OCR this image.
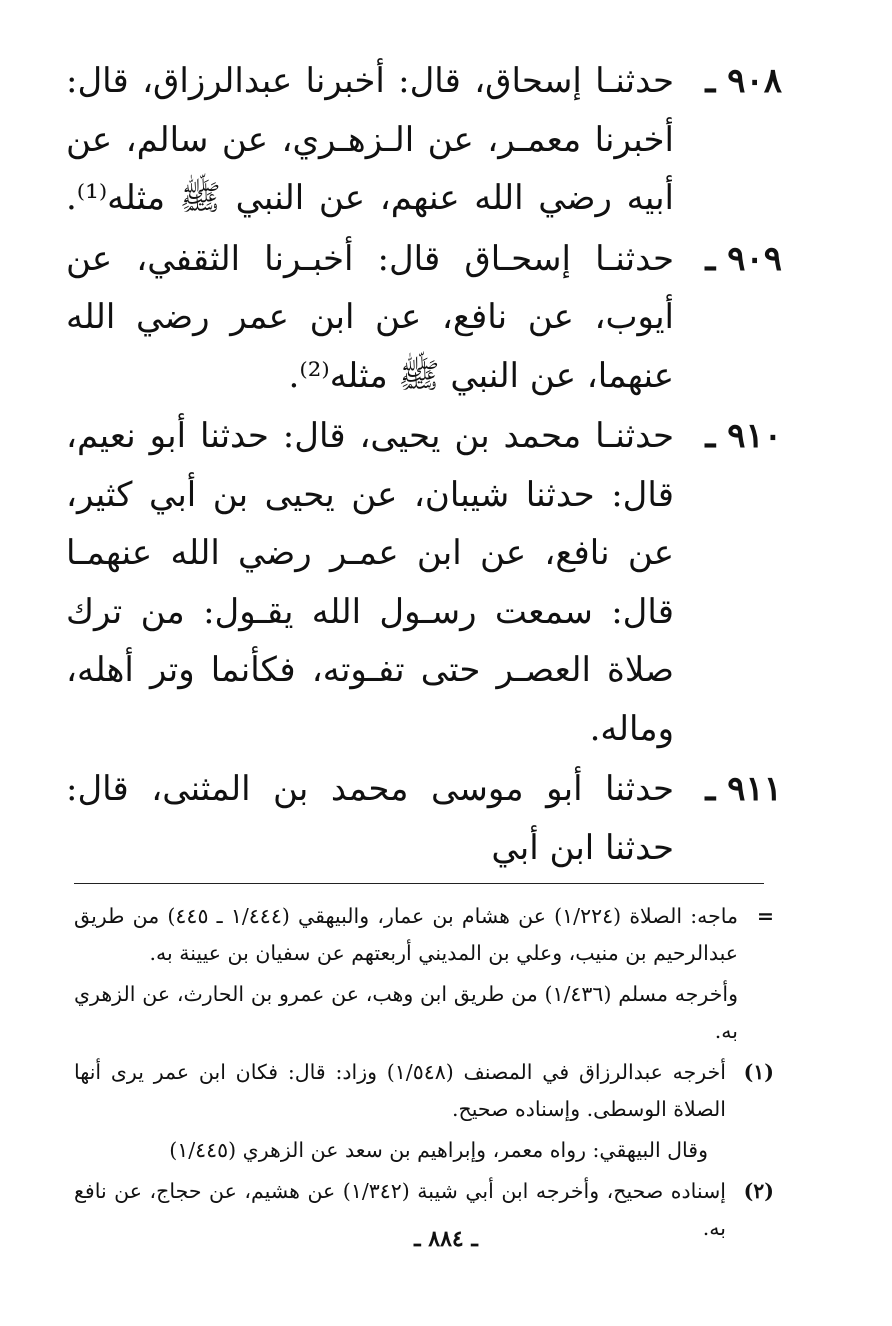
٩٠٨ ـ
حدثنـا إسحاق، قال: أخبرنا عبدالرزاق، قال: أخبرنا معمـر، عن الـزهـري، عن سالم، عن أبيه رضي الله عنهم، عن النبي ﷺ مثله⁽¹⁾.
٩٠٩ ـ
حدثنـا إسحـاق قال: أخبـرنا الثقفي، عن أيوب، عن نافع، عن ابن عمر رضي الله عنهما، عن النبي ﷺ مثله⁽²⁾.
٩١٠ ـ
حدثنـا محمد بن يحيى، قال: حدثنا أبو نعيم، قال: حدثنا شيبان، عن يحيى بن أبي كثير، عن نافع، عن ابن عمـر رضي الله عنهمـا قال: سمعت رسـول الله يقـول: من ترك صلاة العصـر حتى تفـوته، فكأنما وتر أهله، وماله.
٩١١ ـ
حدثنا أبو موسى محمد بن المثنى، قال: حدثنا ابن أبي
=
ماجه: الصلاة (١/٢٢٤) عن هشام بن عمار، والبيهقي (١/٤٤٤ ـ ٤٤٥) من طريق عبدالرحيم بن منيب، وعلي بن المديني أربعتهم عن سفيان بن عيينة به.
وأخرجه مسلم (١/٤٣٦) من طريق ابن وهب، عن عمرو بن الحارث، عن الزهري به.
(١)
أخرجه عبدالرزاق في المصنف (١/٥٤٨) وزاد: قال: فكان ابن عمر يرى أنها الصلاة الوسطى. وإسناده صحيح.
وقال البيهقي: رواه معمر، وإبراهيم بن سعد عن الزهري (١/٤٤٥)
(٢)
إسناده صحيح، وأخرجه ابن أبي شيبة (١/٣٤٢) عن هشيم، عن حجاج، عن نافع به.
ـ ٨٨٤ ـ
